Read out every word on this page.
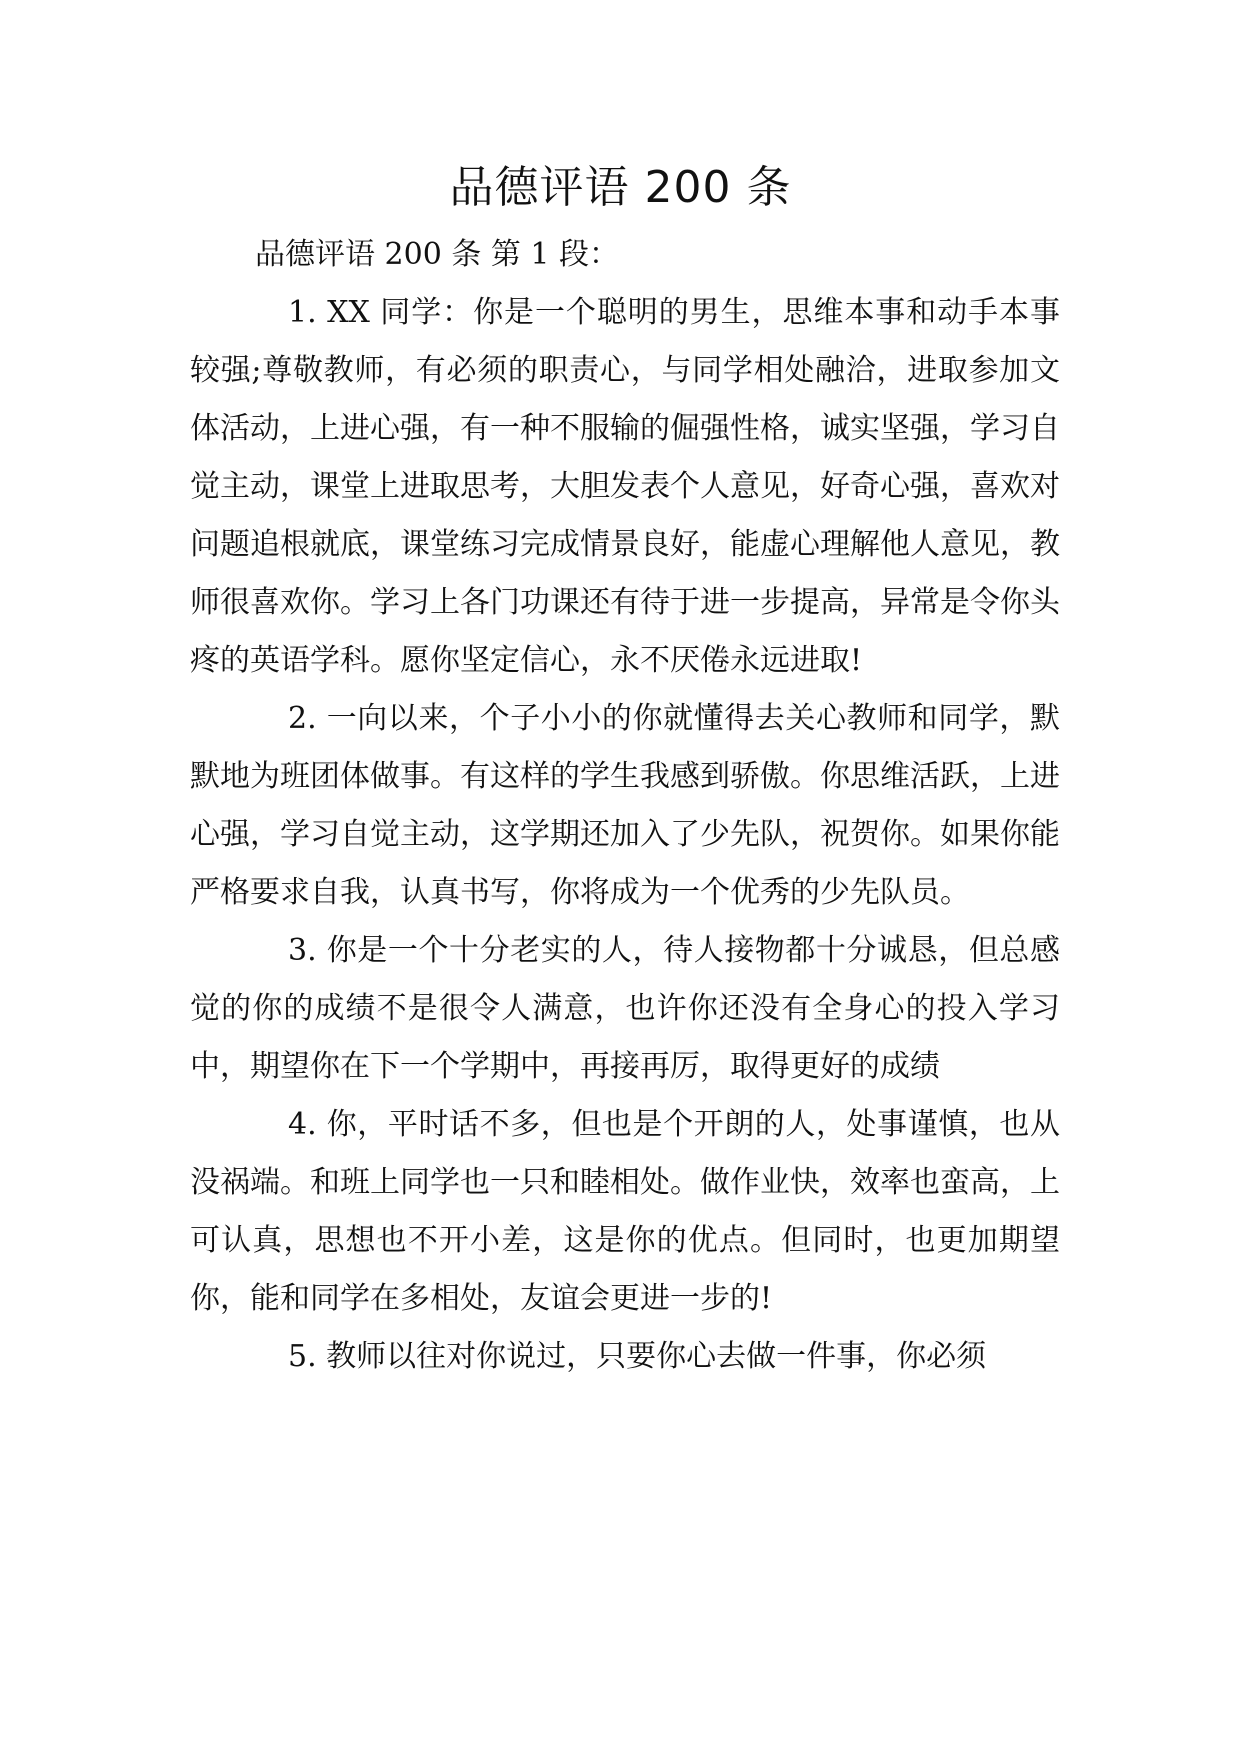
品德评语 200 条

品德评语 200 条 第 1 段：

1. XX 同学：你是一个聪明的男生，思维本事和动手本事较强;尊敬教师，有必须的职责心，与同学相处融洽，进取参加文体活动，上进心强，有一种不服输的倔强性格，诚实坚强，学习自觉主动，课堂上进取思考，大胆发表个人意见，好奇心强，喜欢对问题追根就底，课堂练习完成情景良好，能虚心理解他人意见，教师很喜欢你。学习上各门功课还有待于进一步提高，异常是令你头疼的英语学科。愿你坚定信心，永不厌倦永远进取!

2. 一向以来，个子小小的你就懂得去关心教师和同学，默默地为班团体做事。有这样的学生我感到骄傲。你思维活跃，上进心强，学习自觉主动，这学期还加入了少先队，祝贺你。如果你能严格要求自我，认真书写，你将成为一个优秀的少先队员。

3. 你是一个十分老实的人，待人接物都十分诚恳，但总感觉的你的成绩不是很令人满意，也许你还没有全身心的投入学习中，期望你在下一个学期中，再接再厉，取得更好的成绩

4. 你，平时话不多，但也是个开朗的人，处事谨慎，也从没祸端。和班上同学也一只和睦相处。做作业快，效率也蛮高，上可认真，思想也不开小差，这是你的优点。但同时，也更加期望你，能和同学在多相处，友谊会更进一步的!

5. 教师以往对你说过，只要你心去做一件事，你必须
